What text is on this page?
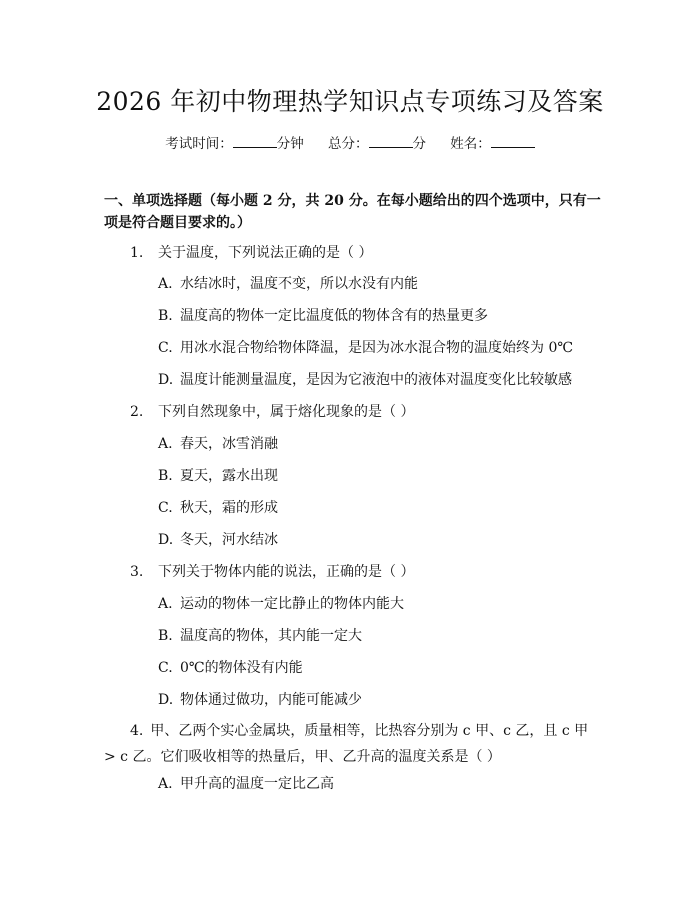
2026 年初中物理热学知识点专项练习及答案
考试时间：	分钟 总分：	分 姓名：
一、单项选择题（每小题 2 分，共 20 分。在每小题给出的四个选项中，只有一项是符合题目要求的。）
1. 关于温度，下列说法正确的是（ ）
A. 水结冰时，温度不变，所以水没有内能
B. 温度高的物体一定比温度低的物体含有的热量更多
C. 用冰水混合物给物体降温，是因为冰水混合物的温度始终为 0℃
D. 温度计能测量温度，是因为它液泡中的液体对温度变化比较敏感
2. 下列自然现象中，属于熔化现象的是（ ）
A. 春天，冰雪消融
B. 夏天，露水出现
C. 秋天，霜的形成
D. 冬天，河水结冰
3. 下列关于物体内能的说法，正确的是（ ）
A. 运动的物体一定比静止的物体内能大
B. 温度高的物体，其内能一定大
C. 0℃的物体没有内能
D. 物体通过做功，内能可能减少
4.  甲、乙两个实心金属块，质量相等，比热容分别为 c 甲、c 乙，且 c 甲 > c 乙。它们吸收相等的热量后，甲、乙升高的温度关系是（ ）
A. 甲升高的温度一定比乙高
